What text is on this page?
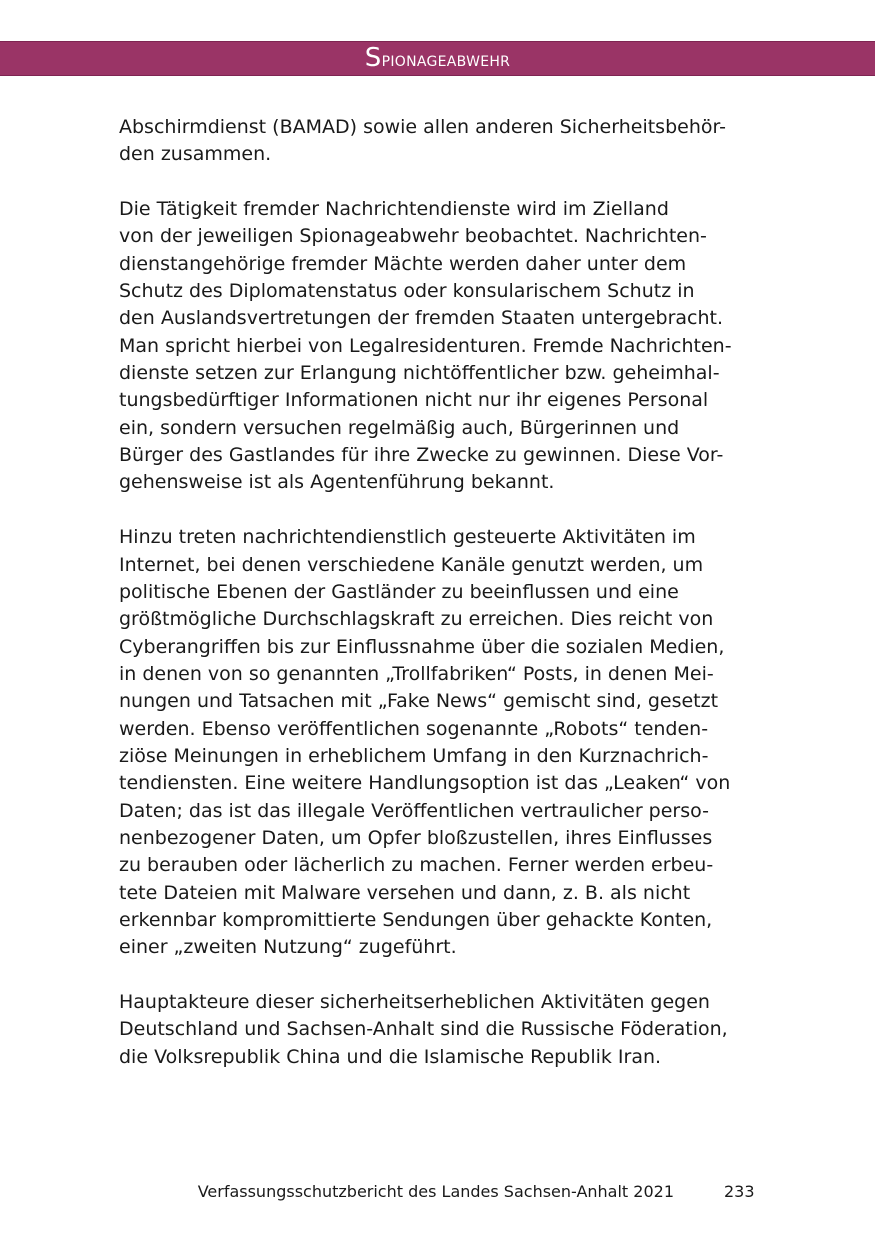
Spionageabwehr

Abschirmdienst (BAMAD) sowie allen anderen Sicherheitsbehör-
den zusammen.

Die Tätigkeit fremder Nachrichtendienste wird im Zielland
von der jeweiligen Spionageabwehr beobachtet. Nachrichten-
dienstangehörige fremder Mächte werden daher unter dem
Schutz des Diplomatenstatus oder konsularischem Schutz in
den Auslandsvertretungen der fremden Staaten untergebracht.
Man spricht hierbei von Legalresidenturen. Fremde Nachrichten-
dienste setzen zur Erlangung nichtöffentlicher bzw. geheimhal-
tungsbedürftiger Informationen nicht nur ihr eigenes Personal
ein, sondern versuchen regelmäßig auch, Bürgerinnen und
Bürger des Gastlandes für ihre Zwecke zu gewinnen. Diese Vor-
gehensweise ist als Agentenführung bekannt.

Hinzu treten nachrichtendienstlich gesteuerte Aktivitäten im
Internet, bei denen verschiedene Kanäle genutzt werden, um
politische Ebenen der Gastländer zu beeinflussen und eine
größtmögliche Durchschlagskraft zu erreichen. Dies reicht von
Cyberangriffen bis zur Einflussnahme über die sozialen Medien,
in denen von so genannten „Trollfabriken“ Posts, in denen Mei-
nungen und Tatsachen mit „Fake News“ gemischt sind, gesetzt
werden. Ebenso veröffentlichen sogenannte „Robots“ tenden-
ziöse Meinungen in erheblichem Umfang in den Kurznachrich-
tendiensten. Eine weitere Handlungsoption ist das „Leaken“ von
Daten; das ist das illegale Veröffentlichen vertraulicher perso-
nenbezogener Daten, um Opfer bloßzustellen, ihres Einflusses
zu berauben oder lächerlich zu machen. Ferner werden erbeu-
tete Dateien mit Malware versehen und dann, z. B. als nicht
erkennbar kompromittierte Sendungen über gehackte Konten,
einer „zweiten Nutzung“ zugeführt.

Hauptakteure dieser sicherheitserheblichen Aktivitäten gegen
Deutschland und Sachsen-Anhalt sind die Russische Föderation,
die Volksrepublik China und die Islamische Republik Iran.

Verfassungsschutzbericht des Landes Sachsen-Anhalt 2021	233
